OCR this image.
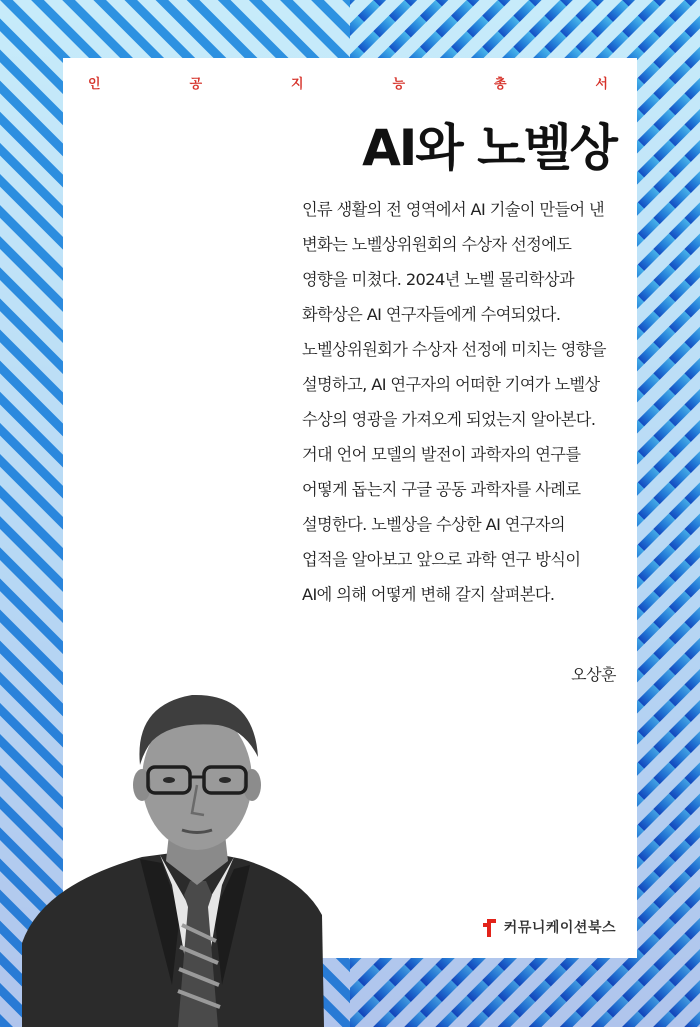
인	공	지	능	총	서
AI와 노벨상

인류 생활의 전 영역에서 AI 기술이 만들어 낸 변화는 노벨상위원회의 수상자 선정에도 영향을 미쳤다. 2024년 노벨 물리학상과 화학상은 AI 연구자들에게 수여되었다. 노벨상위원회가 수상자 선정에 미치는 영향을 설명하고, AI 연구자의 어떠한 기여가 노벨상 수상의 영광을 가져오게 되었는지 알아본다. 거대 언어 모델의 발전이 과학자의 연구를 어떻게 돕는지 구글 공동 과학자를 사례로 설명한다. 노벨상을 수상한 AI 연구자의 업적을 알아보고 앞으로 과학 연구 방식이 AI에 의해 어떻게 변해 갈지 살펴본다.

오상훈
커뮤니케이션북스
